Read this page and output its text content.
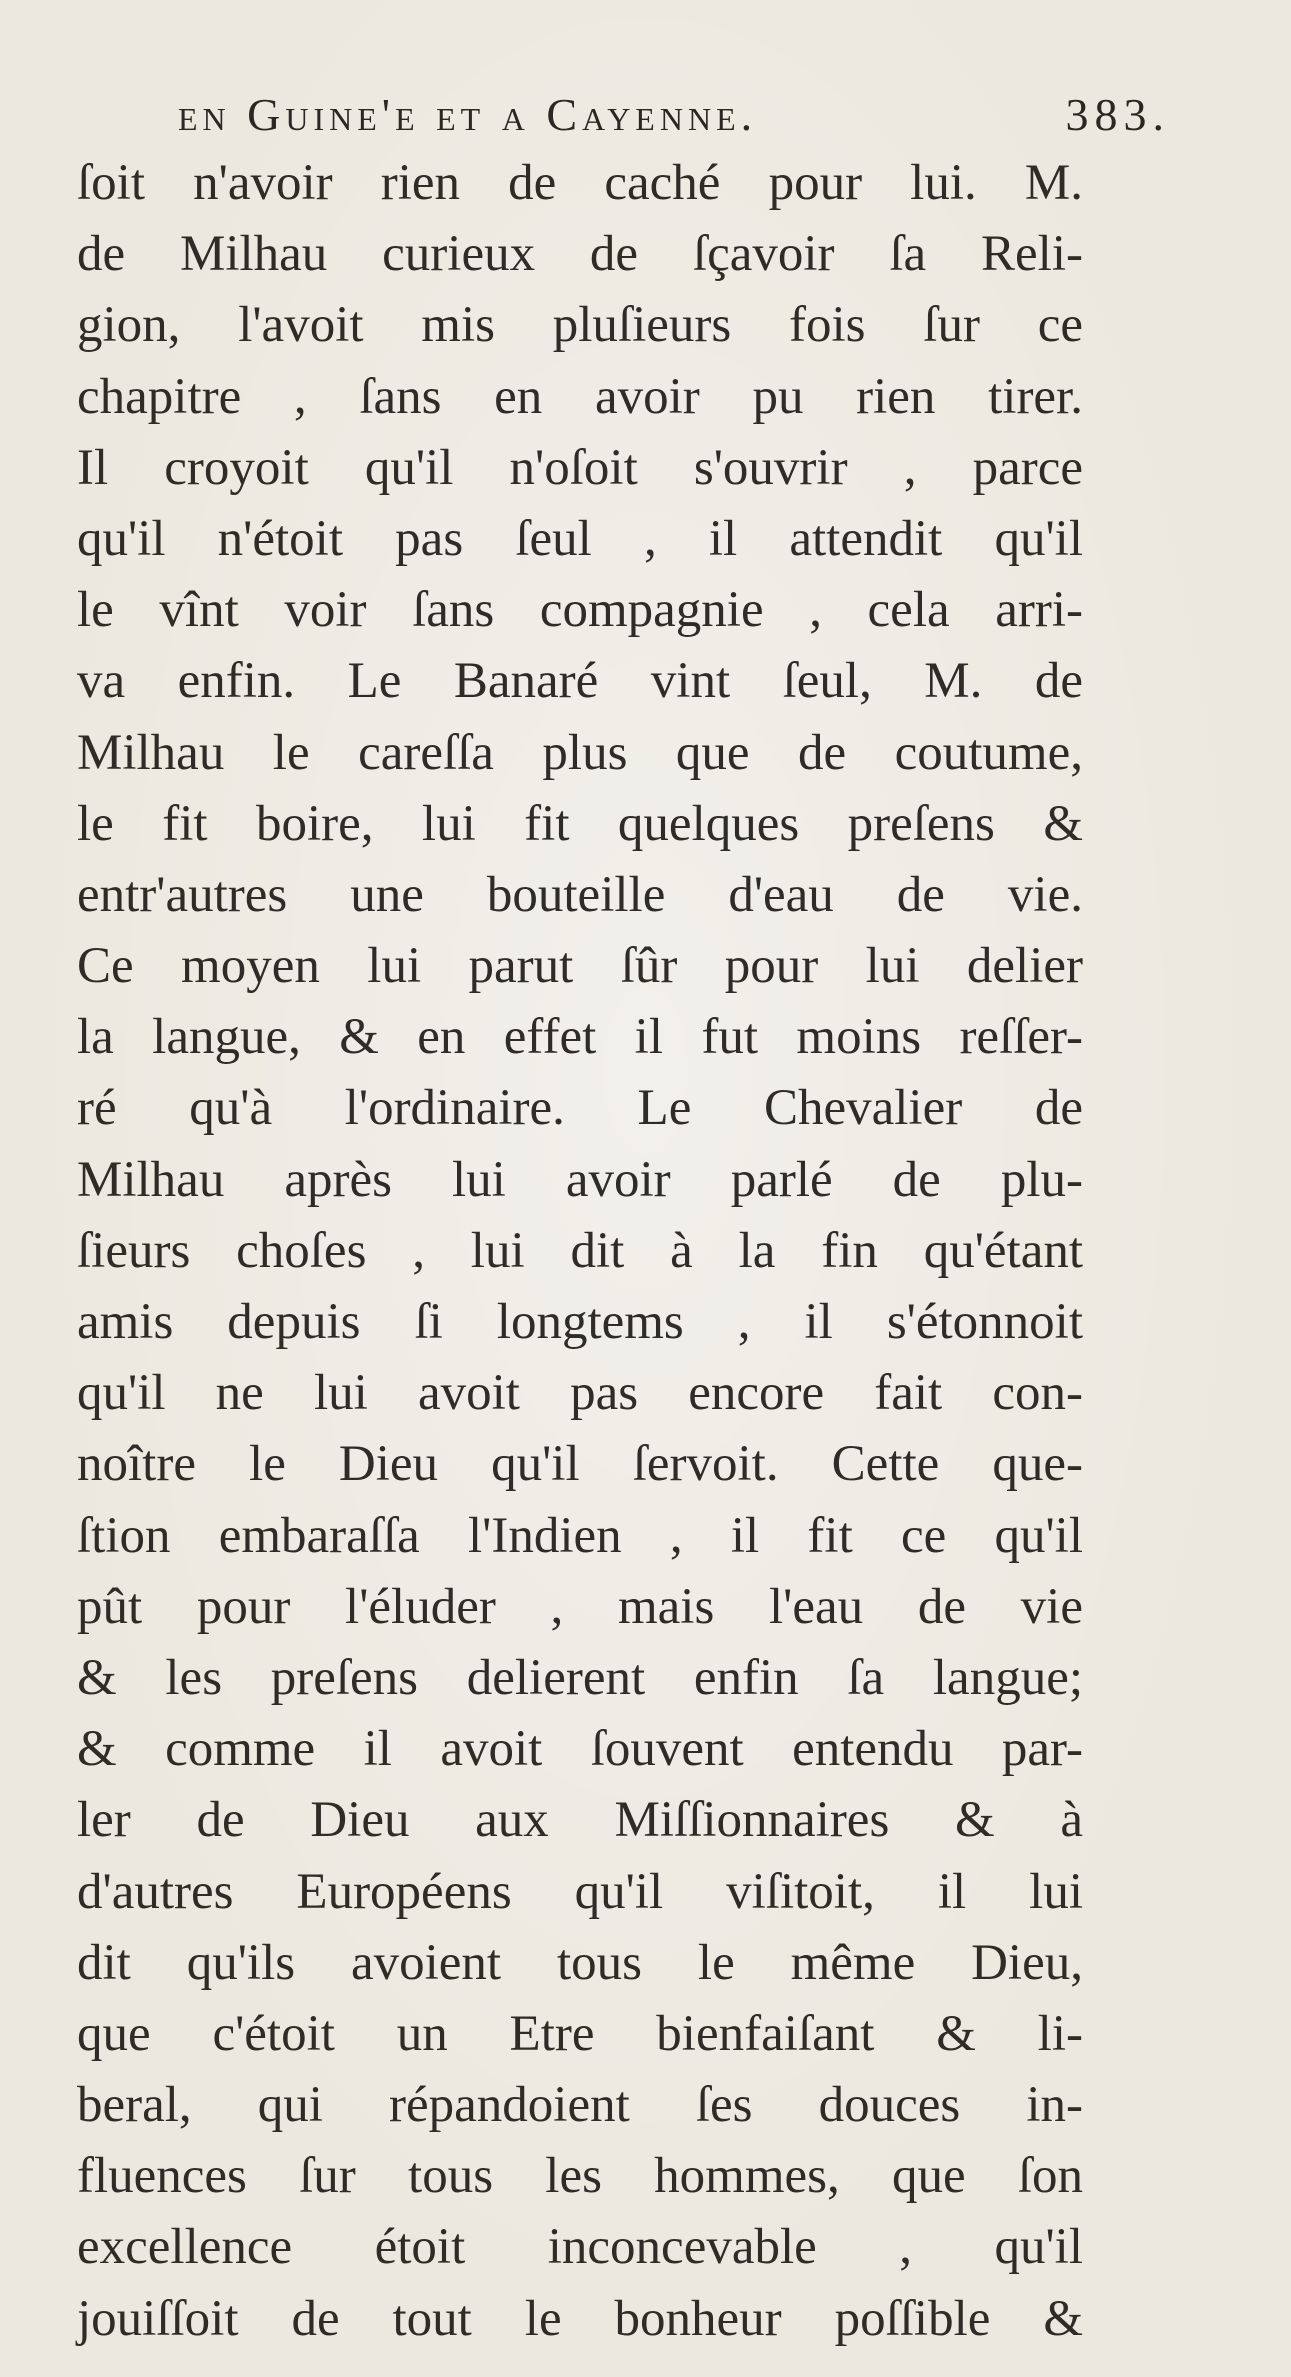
en Guine'e et a Cayenne.	383.
ſoit n'avoir rien de caché pour lui. M.
de Milhau curieux de ſçavoir ſa Reli-
gion, l'avoit mis pluſieurs fois ſur ce
chapitre , ſans en avoir pu rien tirer.
Il croyoit qu'il n'oſoit s'ouvrir , parce
qu'il n'étoit pas ſeul , il attendit qu'il
le vînt voir ſans compagnie , cela arri-
va enfin. Le Banaré vint ſeul, M. de
Milhau le careſſa plus que de coutume,
le fit boire, lui fit quelques preſens &
entr'autres une bouteille d'eau de vie.
Ce moyen lui parut ſûr pour lui delier
la langue, & en effet il fut moins reſſer-
ré qu'à l'ordinaire. Le Chevalier de
Milhau après lui avoir parlé de plu-
ſieurs choſes , lui dit à la fin qu'étant
amis depuis ſi longtems , il s'étonnoit
qu'il ne lui avoit pas encore fait con-
noître le Dieu qu'il ſervoit. Cette que-
ſtion embaraſſa l'Indien , il fit ce qu'il
pût pour l'éluder , mais l'eau de vie
& les preſens delierent enfin ſa langue;
& comme il avoit ſouvent entendu par-
ler de Dieu aux Miſſionnaires & à
d'autres Européens qu'il viſitoit, il lui
dit qu'ils avoient tous le même Dieu,
que c'étoit un Etre bienfaiſant & li-
beral, qui répandoient ſes douces in-
fluences ſur tous les hommes, que ſon
excellence étoit inconcevable , qu'il
jouiſſoit de tout le bonheur poſſible &
